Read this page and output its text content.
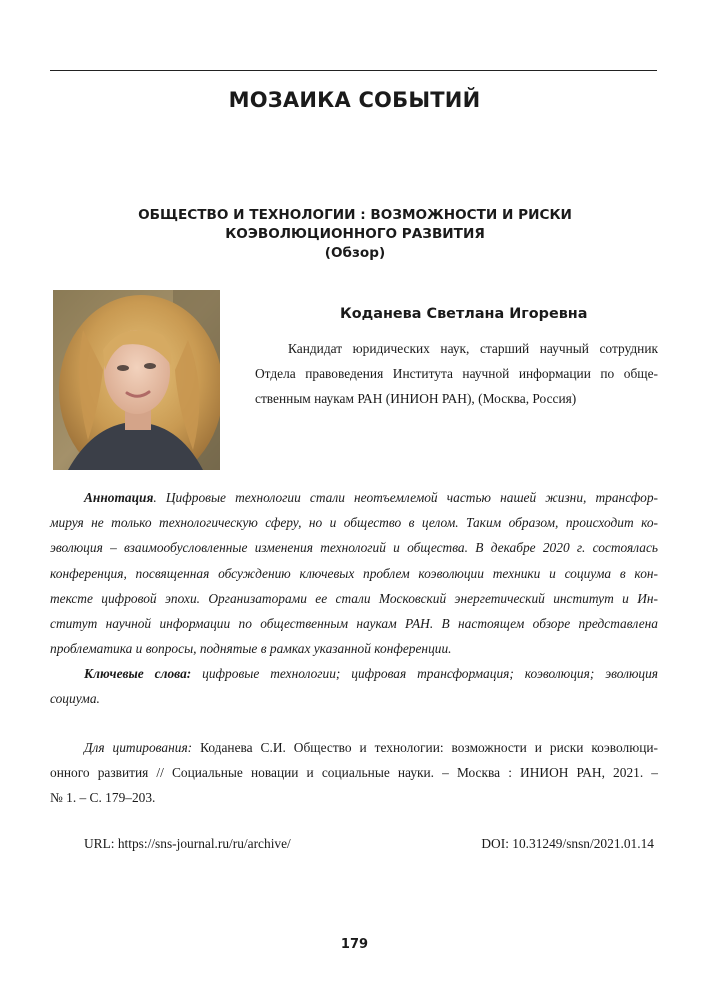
МОЗАИКА СОБЫТИЙ
ОБЩЕСТВО И ТЕХНОЛОГИИ : ВОЗМОЖНОСТИ И РИСКИ
КОЭВОЛЮЦИОННОГО РАЗВИТИЯ
(Обзор)
Коданева Светлана Игоревна
Кандидат юридических наук, старший научный сотрудник
Отдела правоведения Института научной информации по обще-
ственным наукам РАН (ИНИОН РАН), (Москва, Россия)
Аннотация. Цифровые технологии стали неотъемлемой частью нашей жизни, трансфор-
мируя не только технологическую сферу, но и общество в целом. Таким образом, происходит ко-
эволюция – взаимообусловленные изменения технологий и общества. В декабре 2020 г. состоялась
конференция, посвященная обсуждению ключевых проблем коэволюции техники и социума в кон-
тексте цифровой эпохи. Организаторами ее стали Московский энергетический институт и Ин-
ститут научной информации по общественным наукам РАН. В настоящем обзоре представлена
проблематика и вопросы, поднятые в рамках указанной конференции.
Ключевые слова: цифровые технологии; цифровая трансформация; коэволюция; эволюция
социума.
Для цитирования: Коданева С.И. Общество и технологии: возможности и риски коэволюци-
онного развития // Социальные новации и социальные науки. – Москва : ИНИОН РАН, 2021. –
№ 1. – С. 179–203.
URL: https://sns-journal.ru/ru/archive/	DOI: 10.31249/snsn/2021.01.14
179
